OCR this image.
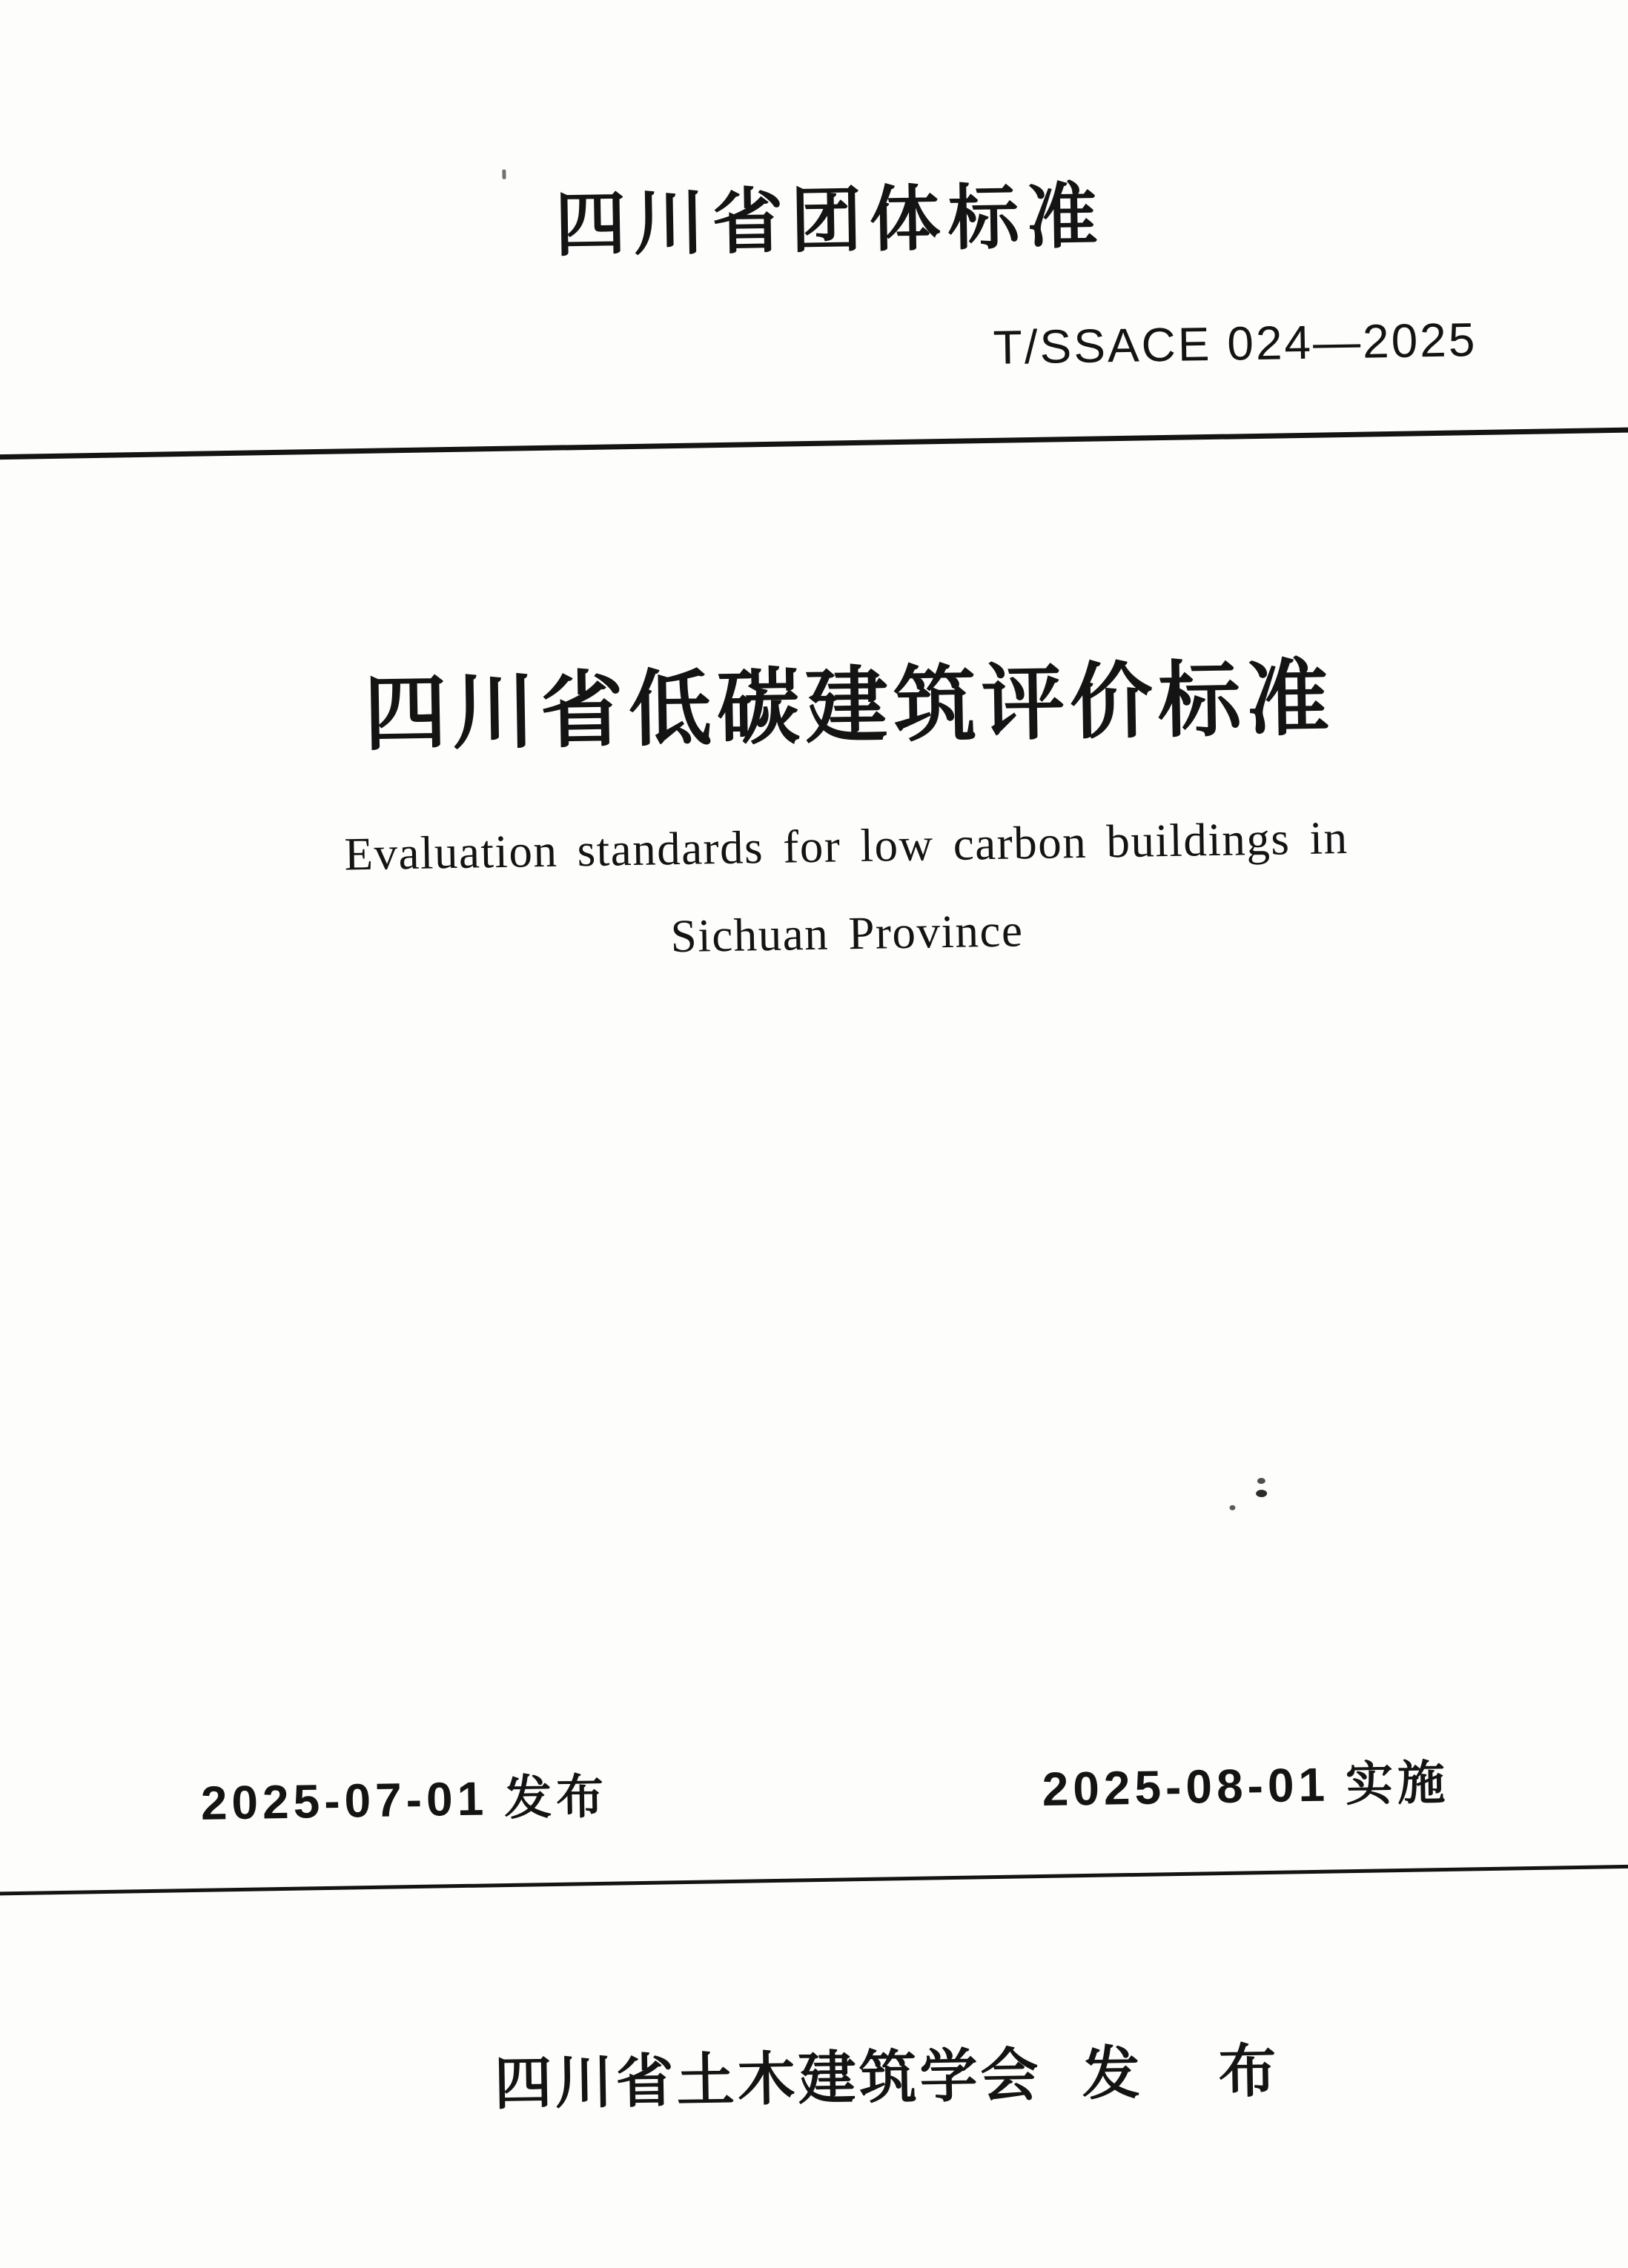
四川省团体标准
T/SSACE 024—2025
四川省低碳建筑评价标准
Evaluation standards for low carbon buildings in
Sichuan Province
2025-07-01 发布	2025-08-01 实施
四川省土木建筑学会 发　布
